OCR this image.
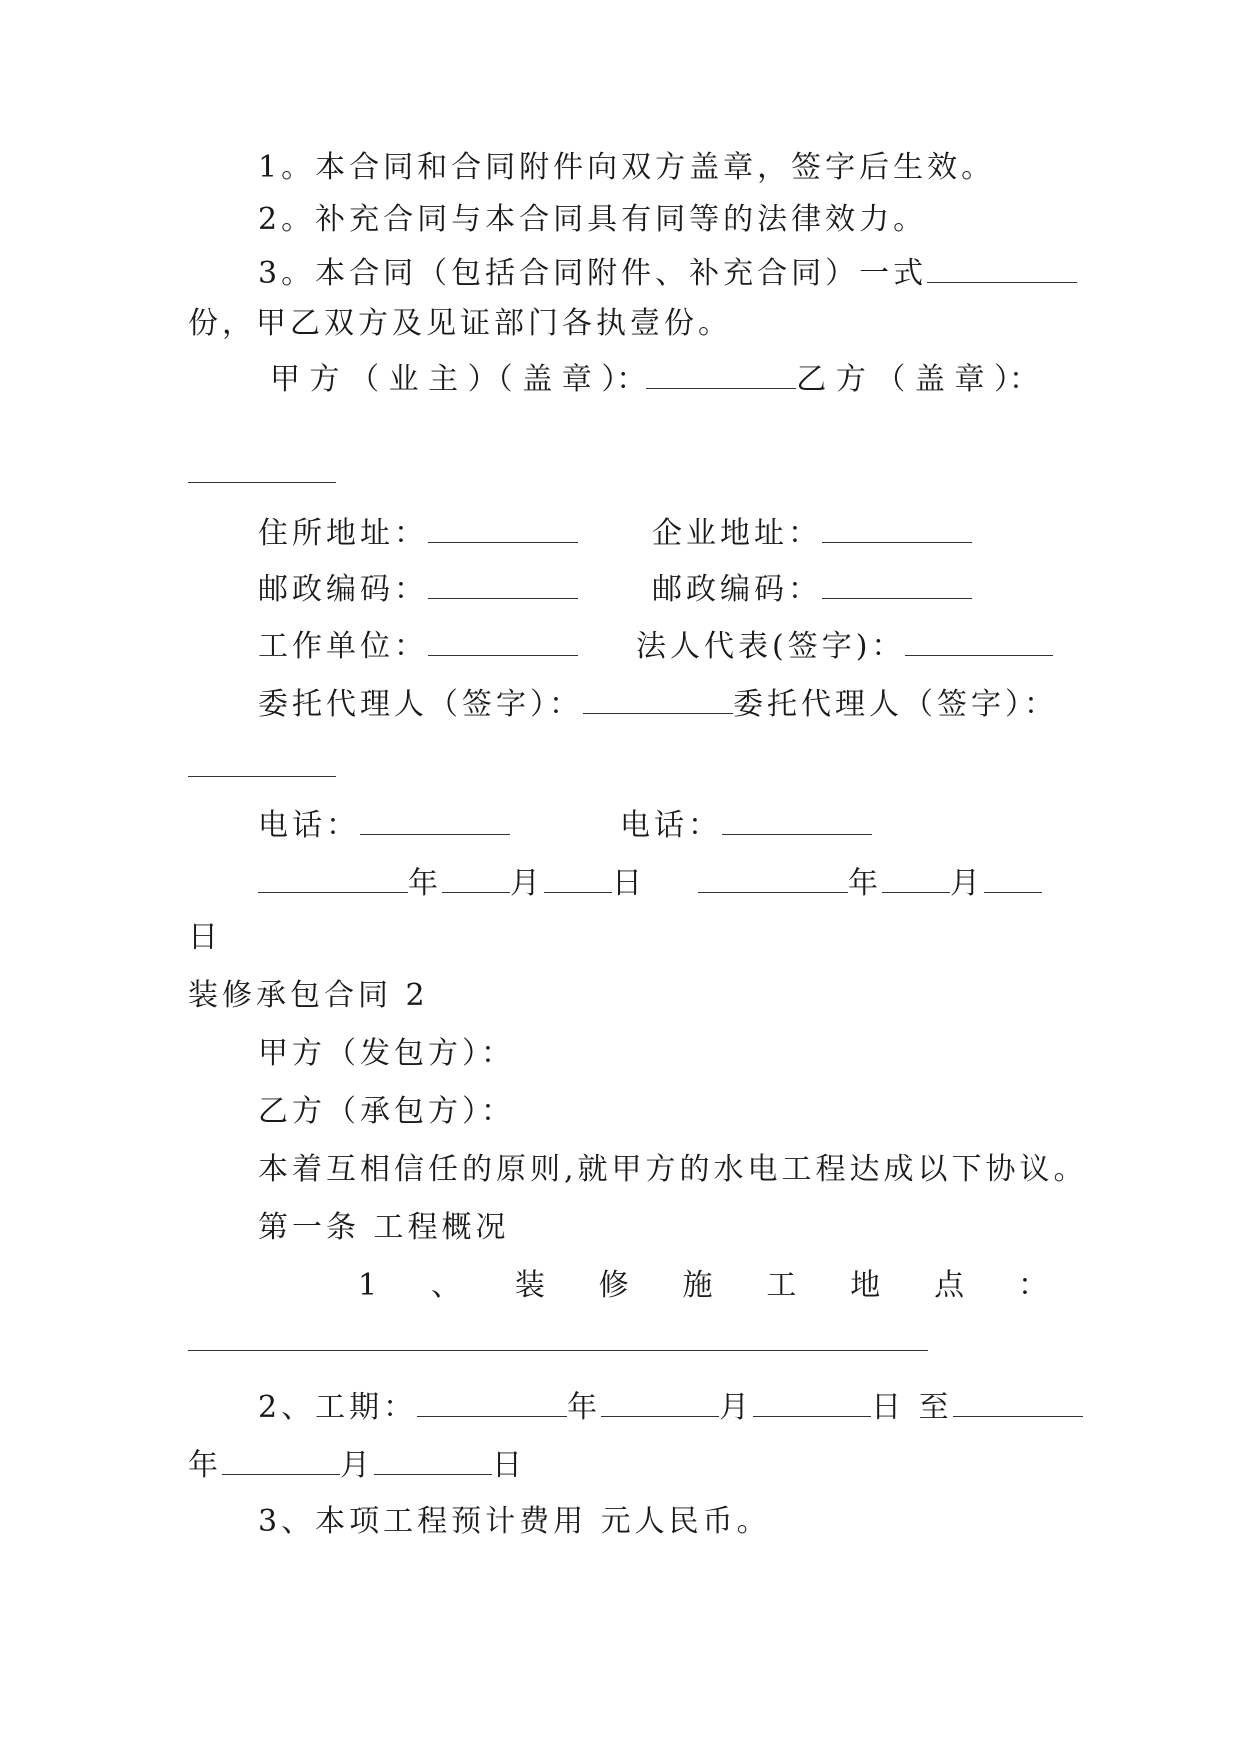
1。本合同和合同附件向双方盖章，签字后生效。
2。补充合同与本合同具有同等的法律效力。
3。本合同（包括合同附件、补充合同）一式
份，甲乙双方及见证部门各执壹份。
甲 方 （ 业 主 ）（ 盖 章 ）：	乙 方 （ 盖 章 ）：
住所地址：	企业地址：
邮政编码：	邮政编码：
工作单位：	法人代表(签字)：
委托代理人（签字）：	委托代理人（签字）：
电话：	电话：
年 月 日	年 月
日
装修承包合同 2
甲方（发包方）：
乙方（承包方）：
本着互相信任的原则,就甲方的水电工程达成以下协议。
第一条 工程概况
1 、 装 修 施 工 地 点 ：
2、工期：	年	月	日 至
年	月	日
3、本项工程预计费用 元人民币。
